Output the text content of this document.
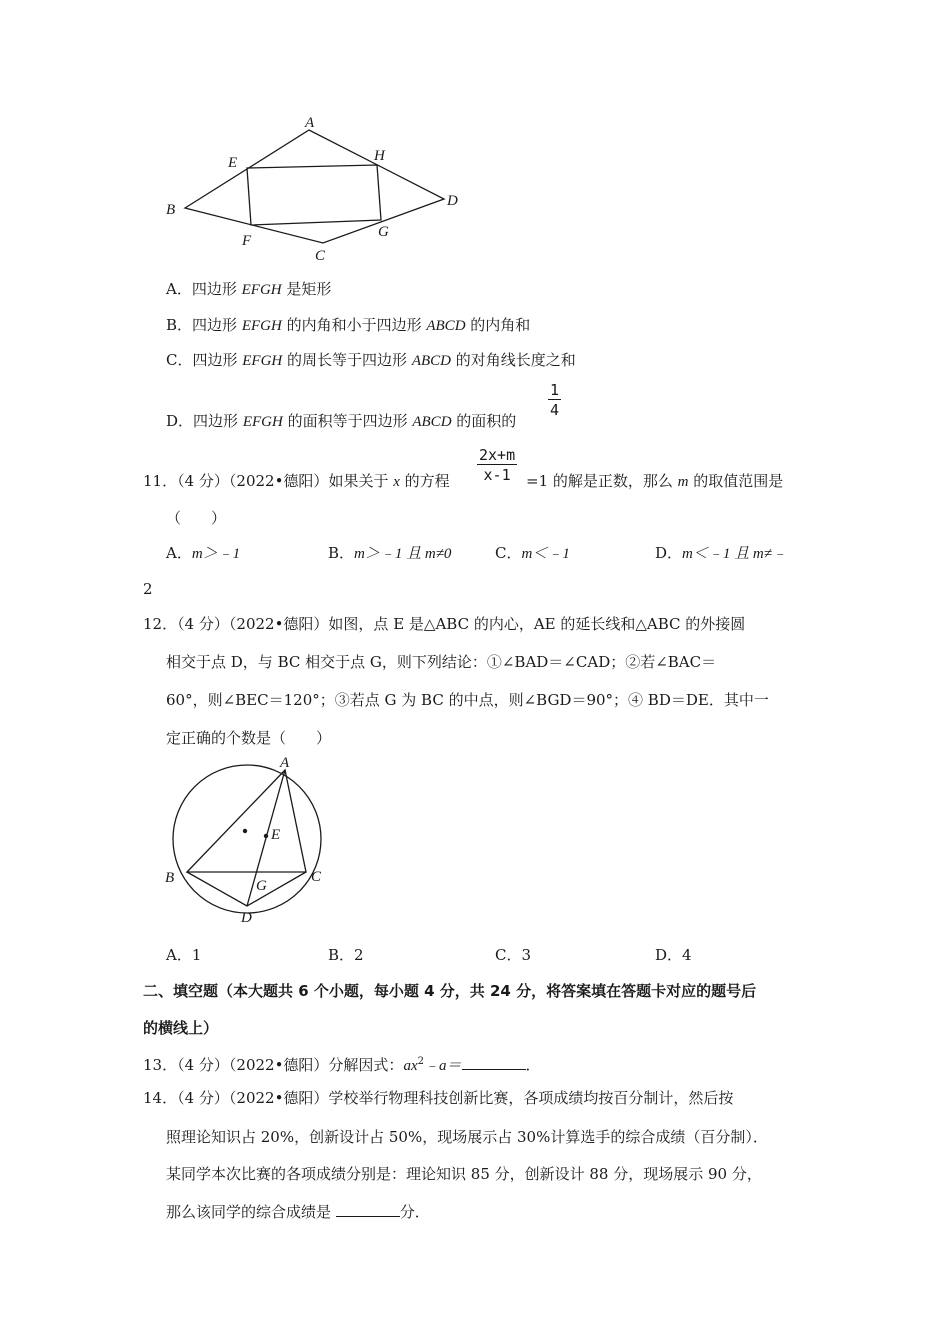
A
B
C
D
E
F
G
H
A．四边形 EFGH 是矩形
B．四边形 EFGH 的内角和小于四边形 ABCD 的内角和
C．四边形 EFGH 的周长等于四边形 ABCD 的对角线长度之和
D．四边形 EFGH 的面积等于四边形 ABCD 的面积的
$\frac{1}{4}$
11．（4 分）（2022•德阳）如果关于 x 的方程 $\frac{2x+m}{x-1} =1$ 的解是正数，那么 m 的取值范围是
（　　）
A．m＞﹣1	B．m＞﹣1 且 m≠0	C．m＜﹣1	D．m＜﹣1 且 m≠﹣
2
12．（4 分）（2022•德阳）如图，点 E 是△ABC 的内心，AE 的延长线和△ABC 的外接圆
相交于点 D，与 BC 相交于点 G，则下列结论：①∠BAD＝∠CAD；②若∠BAC＝
60°，则∠BEC＝120°；③若点 G 为 BC 的中点，则∠BGD＝90°；④ BD＝DE．其中一
定正确的个数是（　　）
A
B	C
D
E
G
A．1	B．2	C．3	D．4
二、填空题（本大题共 6 个小题，每小题 4 分，共 24 分，将答案填在答题卡对应的题号后
的横线上）
13．（4 分）（2022•德阳）分解因式：$ax^2﹣a=$	．
14．（4 分）（2022•德阳）学校举行物理科技创新比赛，各项成绩均按百分制计，然后按
照理论知识占 20%，创新设计占 50%，现场展示占 30%计算选手的综合成绩（百分制）．
某同学本次比赛的各项成绩分别是：理论知识 85 分，创新设计 88 分，现场展示 90 分，
那么该同学的综合成绩是	分．
